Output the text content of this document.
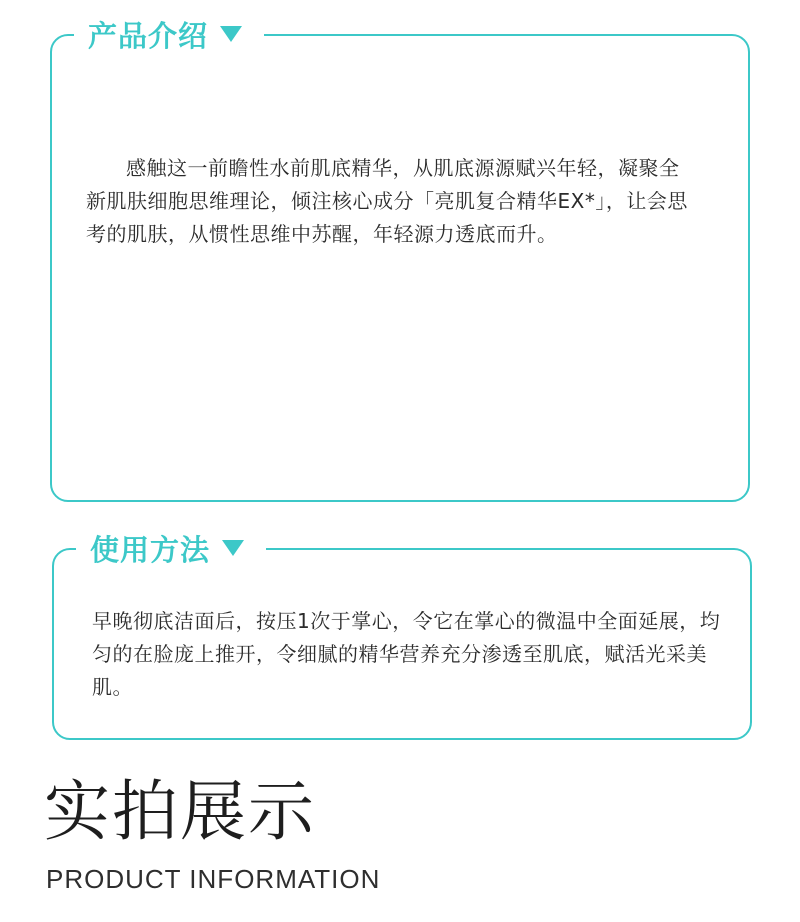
产品介绍

感触这一前瞻性水前肌底精华，从肌底源源赋兴年轻，凝聚全新肌肤细胞思维理论，倾注核心成分「亮肌复合精华EX*」，让会思考的肌肤，从惯性思维中苏醒，年轻源力透底而升。

使用方法

早晚彻底洁面后，按压1次于掌心，令它在掌心的微温中全面延展，均匀的在脸庞上推开，令细腻的精华营养充分渗透至肌底，赋活光采美肌。

实拍展示

PRODUCT INFORMATION
